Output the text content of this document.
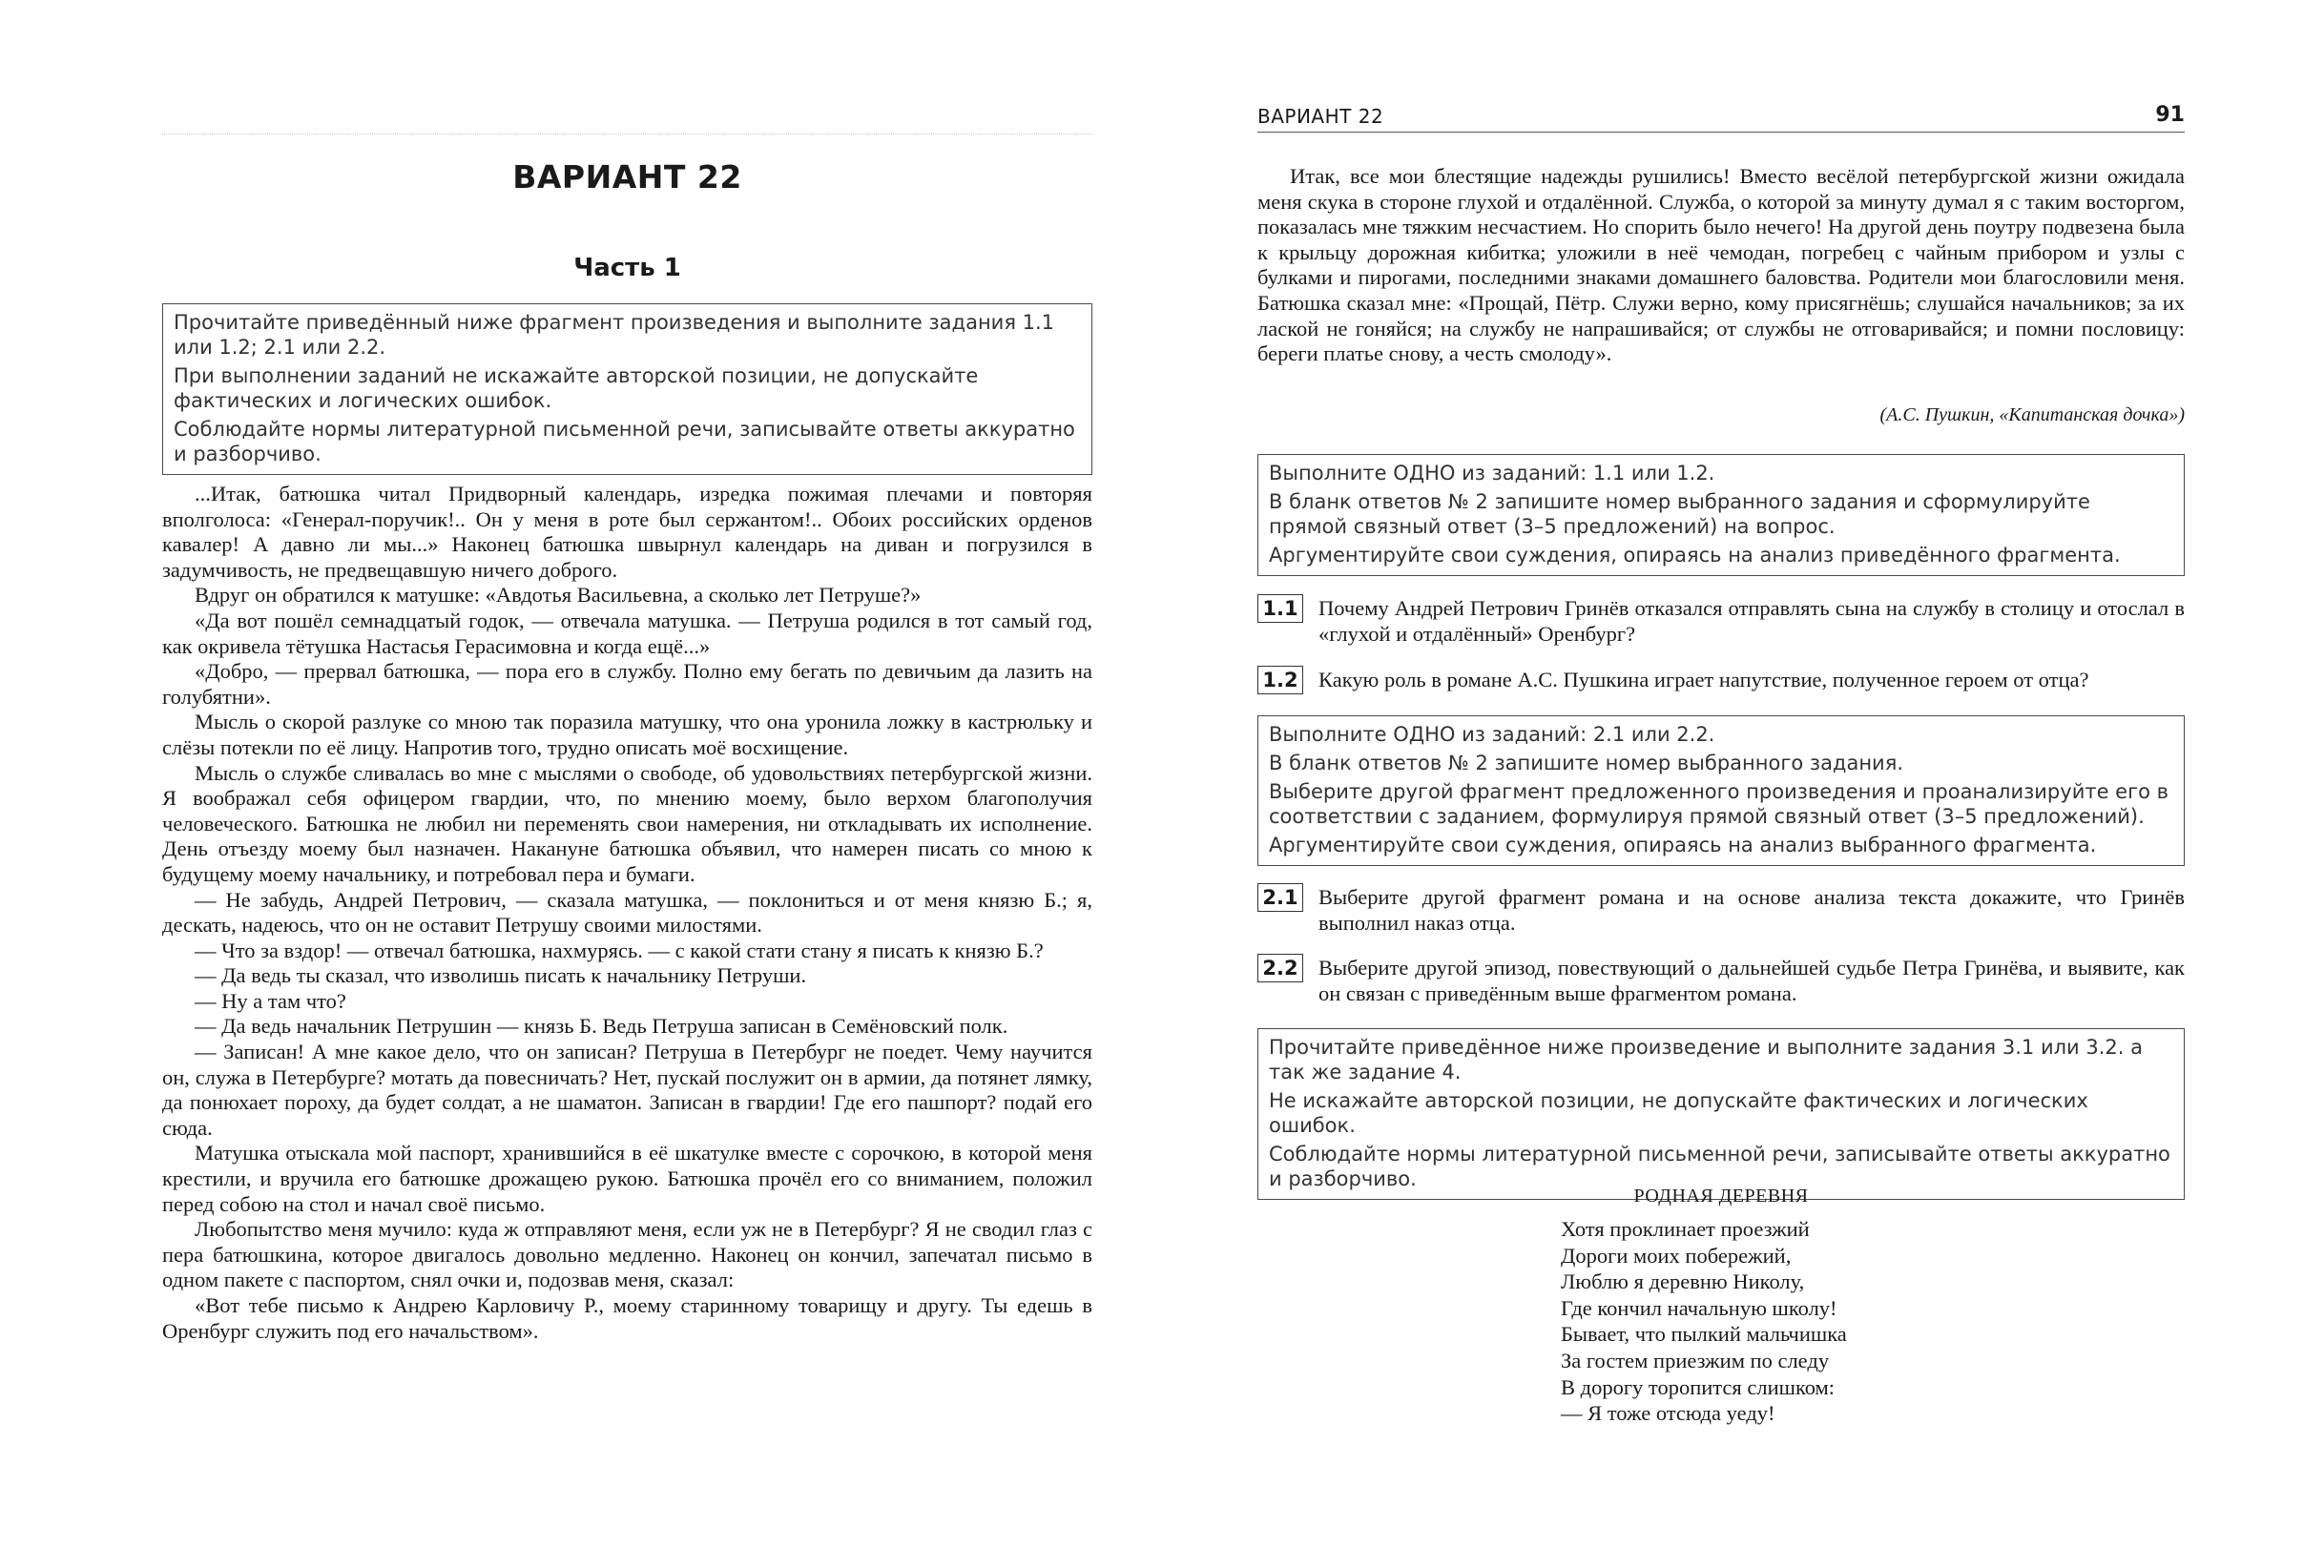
ВАРИАНТ 22
Часть 1

Прочитайте приведённый ниже фрагмент произведения и выполните задания 1.1 или 1.2; 2.1 или 2.2.

При выполнении заданий не искажайте авторской позиции, не допускайте фактических и логических ошибок.

Соблюдайте нормы литературной письменной речи, записывайте ответы аккуратно и разборчиво.

...Итак, батюшка читал Придворный календарь, изредка пожимая плечами и повторяя вполголоса: «Генерал-поручик!.. Он у меня в роте был сержантом!.. Обоих российских орденов кавалер! А давно ли мы...» Наконец батюшка швырнул календарь на диван и погрузился в задумчивость, не предвещавшую ничего доброго.

Вдруг он обратился к матушке: «Авдотья Васильевна, а сколько лет Петруше?»

«Да вот пошёл семнадцатый годок, — отвечала матушка. — Петруша родился в тот самый год, как окривела тётушка Настасья Герасимовна и когда ещё...»

«Добро, — прервал батюшка, — пора его в службу. Полно ему бегать по девичьим да лазить на голубятни».

Мысль о скорой разлуке со мною так поразила матушку, что она уронила ложку в кастрюльку и слёзы потекли по её лицу. Напротив того, трудно описать моё восхищение.

Мысль о службе сливалась во мне с мыслями о свободе, об удовольствиях петербургской жизни. Я воображал себя офицером гвардии, что, по мнению моему, было верхом благополучия человеческого. Батюшка не любил ни переменять свои намерения, ни откладывать их исполнение. День отъезду моему был назначен. Накануне батюшка объявил, что намерен писать со мною к будущему моему начальнику, и потребовал пера и бумаги.

— Не забудь, Андрей Петрович, — сказала матушка, — поклониться и от меня князю Б.; я, дескать, надеюсь, что он не оставит Петрушу своими милостями.

— Что за вздор! — отвечал батюшка, нахмурясь. — с какой стати стану я писать к князю Б.?

— Да ведь ты сказал, что изволишь писать к начальнику Петруши.

— Ну а там что?

— Да ведь начальник Петрушин — князь Б. Ведь Петруша записан в Семёновский полк.

— Записан! А мне какое дело, что он записан? Петруша в Петербург не поедет. Чему научится он, служа в Петербурге? мотать да повесничать? Нет, пускай послужит он в армии, да потянет лямку, да понюхает пороху, да будет солдат, а не шаматон. Записан в гвардии! Где его пашпорт? подай его сюда.

Матушка отыскала мой паспорт, хранившийся в её шкатулке вместе с сорочкою, в которой меня крестили, и вручила его батюшке дрожащею рукою. Батюшка прочёл его со вниманием, положил перед собою на стол и начал своё письмо.

Любопытство меня мучило: куда ж отправляют меня, если уж не в Петербург? Я не сводил глаз с пера батюшкина, которое двигалось довольно медленно. Наконец он кончил, запечатал письмо в одном пакете с паспортом, снял очки и, подозвав меня, сказал:

«Вот тебе письмо к Андрею Карловичу Р., моему старинному товарищу и другу. Ты едешь в Оренбург служить под его начальством».

ВАРИАНТ 22	91

Итак, все мои блестящие надежды рушились! Вместо весёлой петербургской жизни ожидала меня скука в стороне глухой и отдалённой. Служба, о которой за минуту думал я с таким восторгом, показалась мне тяжким несчастием. Но спорить было нечего! На другой день поутру подвезена была к крыльцу дорожная кибитка; уложили в неё чемодан, погребец с чайным прибором и узлы с булками и пирогами, последними знаками домашнего баловства. Родители мои благословили меня. Батюшка сказал мне: «Прощай, Пётр. Служи верно, кому присягнёшь; слушайся начальников; за их лаской не гоняйся; на службу не напрашивайся; от службы не отговаривайся; и помни пословицу: береги платье снову, а честь смолоду».

(А.С. Пушкин, «Капитанская дочка»)

Выполните ОДНО из заданий: 1.1 или 1.2.

В бланк ответов № 2 запишите номер выбранного задания и сформулируйте прямой связный ответ (3–5 предложений) на вопрос.

Аргументируйте свои суждения, опираясь на анализ приведённого фрагмента.

1.1 Почему Андрей Петрович Гринёв отказался отправлять сына на службу в столицу и отослал в «глухой и отдалённый» Оренбург?
1.2 Какую роль в романе А.С. Пушкина играет напутствие, полученное героем от отца?

Выполните ОДНО из заданий: 2.1 или 2.2.

В бланк ответов № 2 запишите номер выбранного задания.

Выберите другой фрагмент предложенного произведения и проанализируйте его в соответствии с заданием, формулируя прямой связный ответ (3–5 предложений).

Аргументируйте свои суждения, опираясь на анализ выбранного фрагмента.

2.1 Выберите другой фрагмент романа и на основе анализа текста докажите, что Гринёв выполнил наказ отца.
2.2 Выберите другой эпизод, повествующий о дальнейшей судьбе Петра Гринёва, и выявите, как он связан с приведённым выше фрагментом романа.

Прочитайте приведённое ниже произведение и выполните задания 3.1 или 3.2. а так же задание 4.

Не искажайте авторской позиции, не допускайте фактических и логических ошибок.

Соблюдайте нормы литературной письменной речи, записывайте ответы аккуратно и разборчиво.

РОДНАЯ ДЕРЕВНЯ
Хотя проклинает проезжий
Дороги моих побережий,
Люблю я деревню Николу,
Где кончил начальную школу!
Бывает, что пылкий мальчишка
За гостем приезжим по следу
В дорогу торопится слишком:
— Я тоже отсюда уеду!
